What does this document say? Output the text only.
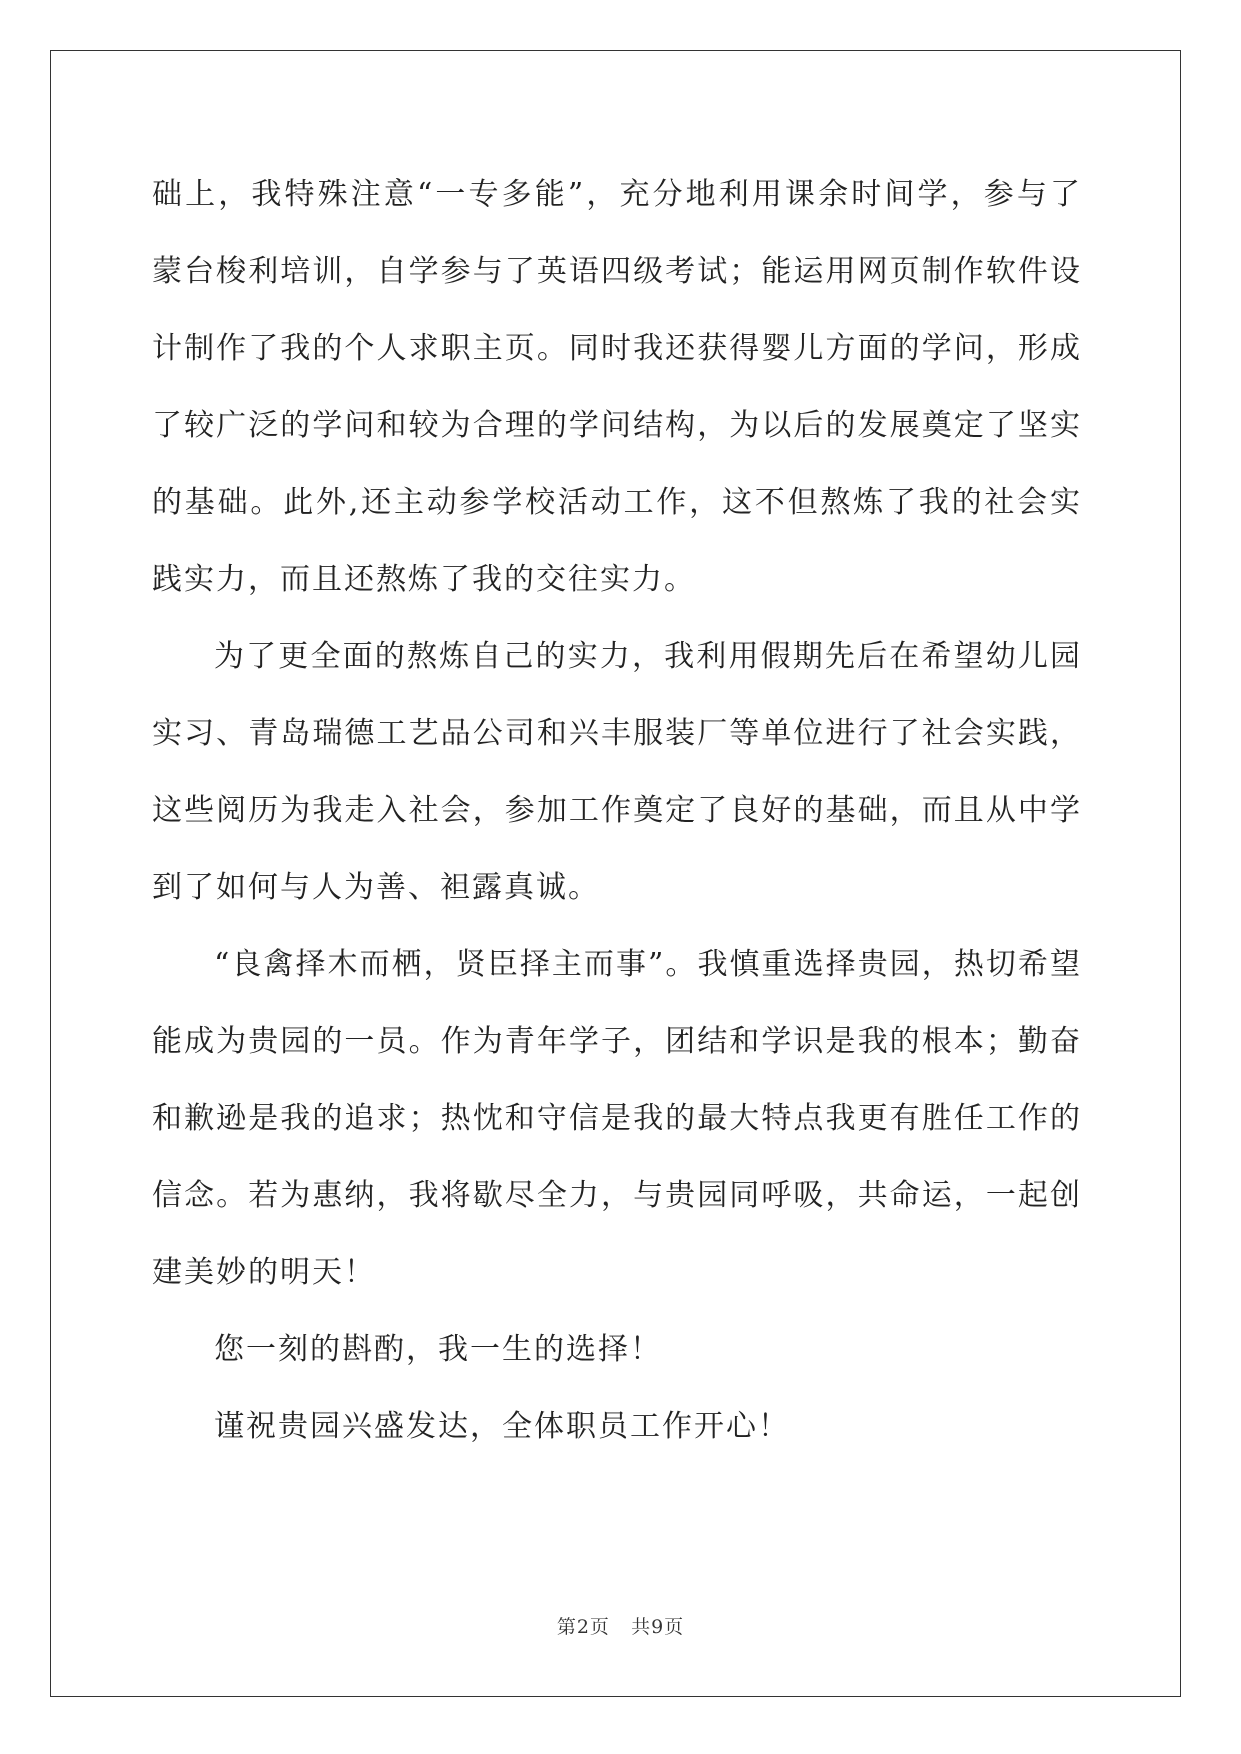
础上，我特殊注意“一专多能”，充分地利用课余时间学，参与了蒙台梭利培训，自学参与了英语四级考试；能运用网页制作软件设计制作了我的个人求职主页。同时我还获得婴儿方面的学问，形成了较广泛的学问和较为合理的学问结构，为以后的发展奠定了坚实的基础。此外,还主动参学校活动工作，这不但熬炼了我的社会实践实力，而且还熬炼了我的交往实力。

为了更全面的熬炼自己的实力，我利用假期先后在希望幼儿园实习、青岛瑞德工艺品公司和兴丰服装厂等单位进行了社会实践，这些阅历为我走入社会，参加工作奠定了良好的基础，而且从中学到了如何与人为善、袒露真诚。

“良禽择木而栖，贤臣择主而事”。我慎重选择贵园，热切希望能成为贵园的一员。作为青年学子，团结和学识是我的根本；勤奋和歉逊是我的追求；热忱和守信是我的最大特点我更有胜任工作的信念。若为惠纳，我将歇尽全力，与贵园同呼吸，共命运，一起创建美妙的明天！

您一刻的斟酌，我一生的选择！

谨祝贵园兴盛发达，全体职员工作开心！

第2页 共9页
